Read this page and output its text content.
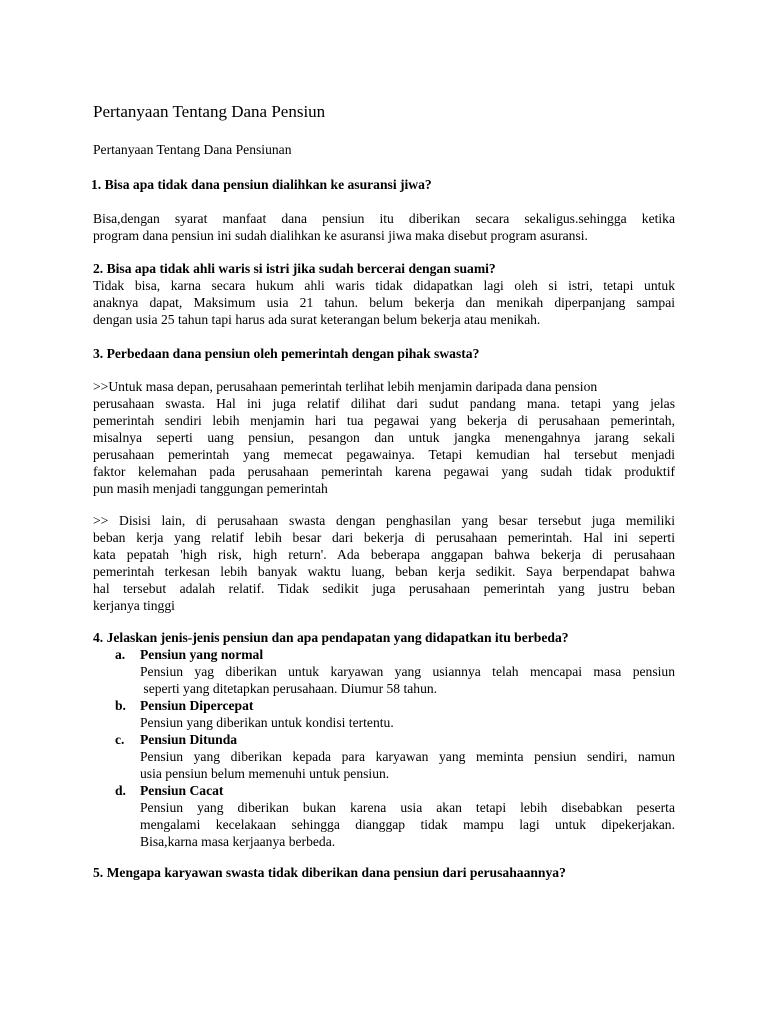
Pertanyaan Tentang Dana Pensiun
Pertanyaan Tentang Dana Pensiunan
1. Bisa apa tidak dana pensiun dialihkan ke asuransi jiwa?

Bisa,dengan syarat manfaat dana pensiun itu diberikan secara sekaligus.sehingga ketika

program dana pensiun ini sudah dialihkan ke asuransi jiwa maka disebut program asuransi.

2. Bisa apa tidak ahli waris si istri jika sudah bercerai dengan suami?

Tidak bisa, karna secara hukum ahli waris tidak didapatkan lagi oleh si istri, tetapi untuk

anaknya dapat, Maksimum usia 21 tahun. belum bekerja dan menikah diperpanjang sampai

dengan usia 25 tahun tapi harus ada surat keterangan belum bekerja atau menikah.

3. Perbedaan dana pensiun oleh pemerintah dengan pihak swasta?

>>Untuk masa depan, perusahaan pemerintah terlihat lebih menjamin daripada dana pension

perusahaan swasta. Hal ini juga relatif dilihat dari sudut pandang mana. tetapi yang jelas

pemerintah sendiri lebih menjamin hari tua pegawai yang bekerja di perusahaan pemerintah,

misalnya seperti uang pensiun, pesangon dan untuk jangka menengahnya jarang sekali

perusahaan pemerintah yang memecat pegawainya. Tetapi kemudian hal tersebut menjadi

faktor kelemahan pada perusahaan pemerintah karena pegawai yang sudah tidak produktif

pun masih menjadi tanggungan pemerintah

>> Disisi lain, di perusahaan swasta dengan penghasilan yang besar tersebut juga memiliki

beban kerja yang relatif lebih besar dari bekerja di perusahaan pemerintah. Hal ini seperti

kata pepatah 'high risk, high return'. Ada beberapa anggapan bahwa bekerja di perusahaan

pemerintah terkesan lebih banyak waktu luang, beban kerja sedikit. Saya berpendapat bahwa

hal tersebut adalah relatif. Tidak sedikit juga perusahaan pemerintah yang justru beban

kerjanya tinggi

4. Jelaskan jenis-jenis pensiun dan apa pendapatan yang didapatkan itu berbeda?
a. Pensiun yang normal

Pensiun yag diberikan untuk karyawan yang usiannya telah mencapai masa pensiun

seperti yang ditetapkan perusahaan. Diumur 58 tahun.

b. Pensiun Dipercepat

Pensiun yang diberikan untuk kondisi tertentu.

c. Pensiun Ditunda

Pensiun yang diberikan kepada para karyawan yang meminta pensiun sendiri, namun

usia pensiun belum memenuhi untuk pensiun.

d. Pensiun Cacat

Pensiun yang diberikan bukan karena usia akan tetapi lebih disebabkan peserta

mengalami kecelakaan sehingga dianggap tidak mampu lagi untuk dipekerjakan.

Bisa,karna masa kerjaanya berbeda.

5. Mengapa karyawan swasta tidak diberikan dana pensiun dari perusahaannya?
